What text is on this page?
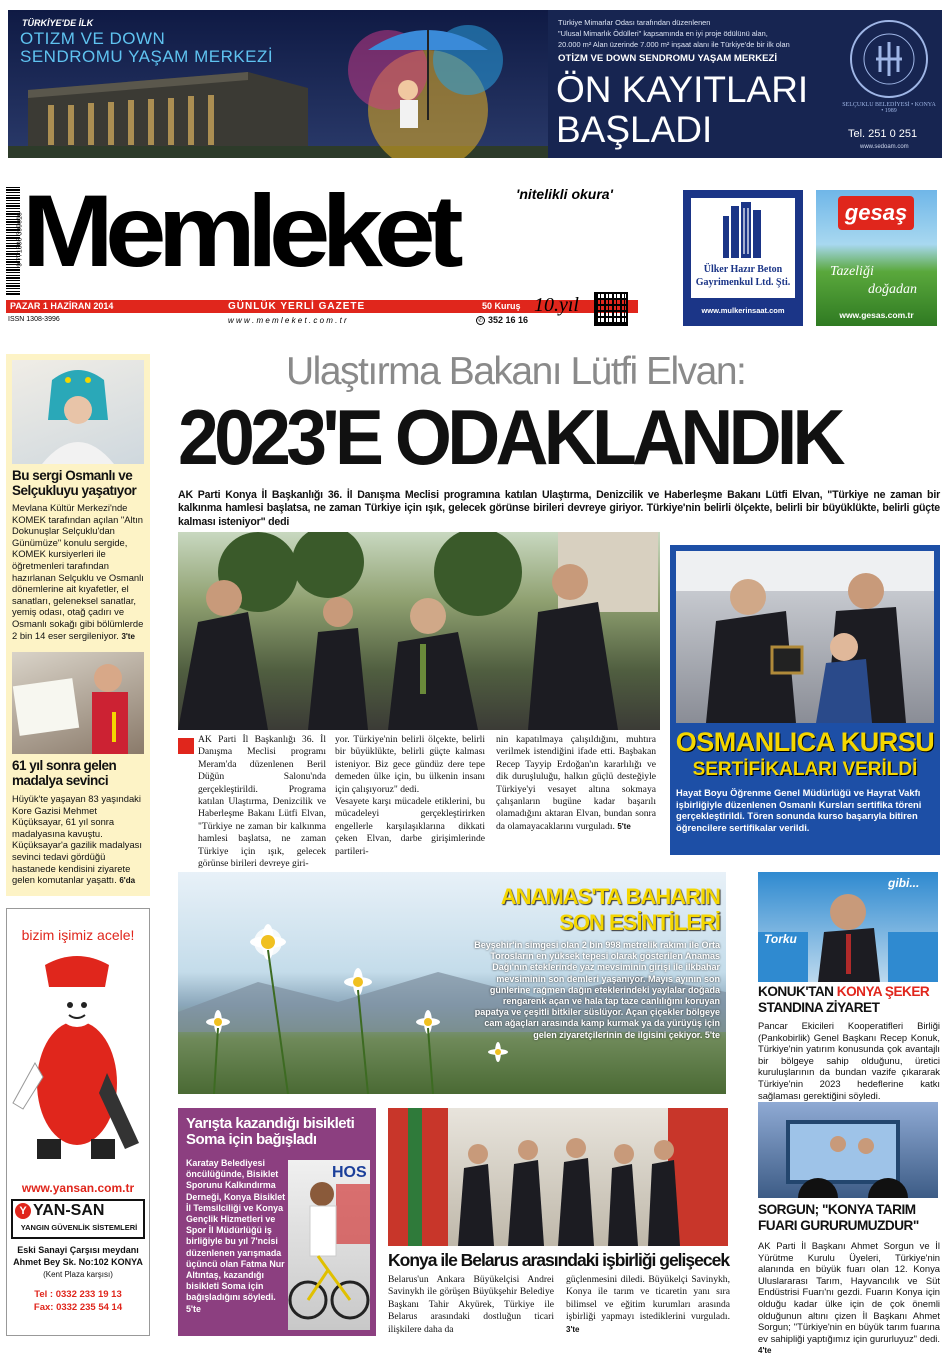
TÜRKİYE'DE İLK
OTIZM VE DOWN
SENDROMU YAŞAM MERKEZİ
Türkiye Mimarlar Odası tarafından düzenlenen
"Ulusal Mimarlık Ödülleri" kapsamında en iyi proje ödülünü alan,
20.000 m² Alan üzerinde 7.000 m² inşaat alanı ile Türkiye'de bir ilk olan
OTİZM VE DOWN SENDROMU YAŞAM MERKEZİ
ÖN KAYITLARI
BAŞLADI
SELÇUKLU BELEDİYESİ • KONYA • 1989
Tel. 251 0 251
www.sedoam.com
9 771308 399016
Memleket	'nitelikli okura'
PAZAR 1 HAZİRAN 2014	GÜNLÜK YERLİ GAZETE	50 Kuruş
ISSN 1308-3996	w w w . m e m l e k e t . c o m . t r	✆ 352 16 16
10.yıl
Ülker Hazır Beton
Gayrimenkul Ltd. Şti.
www.mulkerinsaat.com
gesaş
Tazeliği
doğadan
www.gesas.com.tr
Bu sergi Osmanlı ve Selçukluyu yaşatıyor
Mevlana Kültür Merkezi'nde KOMEK tarafından açılan "Altın Dokunuşlar Selçuklu'dan Günümüze" konulu sergide, KOMEK kursiyerleri ile öğretmenleri tarafından hazırlanan Selçuklu ve Osmanlı dönemlerine ait kıyafetler, el sanatları, geleneksel sanatlar, yemiş odası, otağ çadırı ve Osmanlı sokağı gibi bölümlerde 2 bin 14 eser sergileniyor. 3'te
61 yıl sonra gelen madalya sevinci
Hüyük'te yaşayan 83 yaşındaki Kore Gazisi Mehmet Küçüksayar, 61 yıl sonra madalyasına kavuştu. Küçüksayar'a gazilik madalyası sevinci tedavi gördüğü hastanede kendisini ziyarete gelen komutanlar yaşattı. 6'da
bizim işimiz acele!
www.yansan.com.tr
Y YAN-SAN
YANGIN GÜVENLİK SİSTEMLERİ
Eski Sanayi Çarşısı meydanı
Ahmet Bey Sk. No:102 KONYA
(Kent Plaza karşısı)
Tel : 0332 233 19 13
Fax: 0332 235 54 14
Ulaştırma Bakanı Lütfi Elvan:
2023'E ODAKLANDIK
AK Parti Konya İl Başkanlığı 36. İl Danışma Meclisi programına katılan Ulaştırma, Denizcilik ve Haberleşme Bakanı Lütfi Elvan, "Türkiye ne zaman bir kalkınma hamlesi başlatsa, ne zaman Türkiye için ışık, gelecek görünse birileri devreye giriyor. Türkiye'nin belirli ölçekte, belirli bir büyüklükte, belirli güçte kalması isteniyor" dedi
AK Parti İl Başkanlığı 36. İl Danışma Meclisi programı Meram'da düzenlenen Beril Düğün Salonu'nda gerçekleştirildi. Programa katılan Ulaştırma, Denizcilik ve Haberleşme Bakanı Lütfi Elvan, "Türkiye ne zaman bir kalkınma hamlesi başlatsa, ne zaman Türkiye için ışık, gelecek görünse birileri devreye giri-
yor. Türkiye'nin belirli ölçekte, belirli bir büyüklükte, belirli güçte kalması isteniyor. Biz gece gündüz dere tepe demeden ülke için, bu ülkenin insanı için çalışıyoruz" dedi.
Vesayete karşı mücadele etiklerini, bu mücadeleyi gerçekleştirirken engellerle karşılaşıklarına dikkati çeken Elvan, darbe girişimlerinde partileri-
nin kapatılmaya çalışıldığını, muhtıra verilmek istendiğini ifade etti. Başbakan Recep Tayyip Erdoğan'ın kararlılığı ve dik duruşluluğu, halkın güçlü desteğiyle Türkiye'yi vesayet altına sokmaya çalışanların bugüne kadar başarılı olamadığını aktaran Elvan, bundan sonra da olamayacaklarını vurguladı. 5'te
OSMANLICA KURSU
SERTİFİKALARI VERİLDİ
Hayat Boyu Öğrenme Genel Müdürlüğü ve Hayrat Vakfı işbirliğiyle düzenlenen Osmanlı Kursları sertifika töreni gerçekleştirildi. Tören sonunda kurso başarıyla bitiren öğrencilere sertifikalar verildi.
ANAMAS'TA BAHARIN
SON ESİNTİLERİ
Beyşehir'in simgesi olan 2 bin 998 metrelik rakımı ile Orta Torosların en yüksek tepesi olarak gösterilen Anamas Dağı'nın eteklerinde yaz mevsiminin girişi ile ilkbahar mevsiminin son demleri yaşanıyor. Mayıs ayının son günlerine rağmen dağın eteklerindeki yaylalar doğada rengarenk açan ve hala tap taze canlılığını koruyan papatya ve çeşitli bitkiler süslüyor. Açan çiçekler bölgeye cam ağaçları arasında kamp kurmak ya da yürüyüş için gelen ziyaretçilerinin de ilgisini çekiyor. 5'te
gibi...
Torku
KONUK'TAN KONYA ŞEKER
STANDINA ZİYARET
Pancar Ekicileri Kooperatifleri Birliği (Pankobirlik) Genel Başkanı Recep Konuk, Türkiye'nin yatırım konusunda çok avantajlı bir bölgeye sahip olduğunu, üretici kuruluşlarının da bundan vazife çıkararak Türkiye'nin 2023 hedeflerine katkı sağlaması gerektiğini söyledi.
SORGUN; "KONYA TARIM
FUARI GURURUMUZDUR"
AK Parti İl Başkanı Ahmet Sorgun ve İl Yürütme Kurulu Üyeleri, Türkiye'nin alanında en büyük fuarı olan 12. Konya Uluslararası Tarım, Hayvancılık ve Süt Endüstrisi Fuarı'nı gezdi. Fuarın Konya için olduğu kadar ülke için de çok önemli olduğunun altını çizen İl Başkanı Ahmet Sorgun; "Türkiye'nin en büyük tarım fuarına ev sahipliği yaptığımız için gururluyuz" dedi. 4'te
Yarışta kazandığı bisikleti Soma için bağışladı
Karatay Belediyesi öncülüğünde, Bisiklet Sporunu Kalkındırma Derneği, Konya Bisiklet İl Temsilciliği ve Konya Gençlik Hizmetleri ve Spor İl Müdürlüğü iş birliğiyle bu yıl 7'ncisi düzenlenen yarışmada üçüncü olan Fatma Nur Altıntaş, kazandığı bisikleti Soma için bağışladığını söyledi. 5'te
HOS
Konya ile Belarus arasındaki işbirliği gelişecek
Belarus'un Ankara Büyükelçisi Andrei Savinykh ile görüşen Büyükşehir Belediye Başkanı Tahir Akyürek, Türkiye ile Belarus arasındaki dostluğun ticari ilişkilere daha da
güçlenmesini diledi. Büyükelçi Savinykh, Konya ile tarım ve ticaretin yanı sıra bilimsel ve eğitim kurumları arasında işbirliği yapmayı istediklerini vurguladı. 3'te
